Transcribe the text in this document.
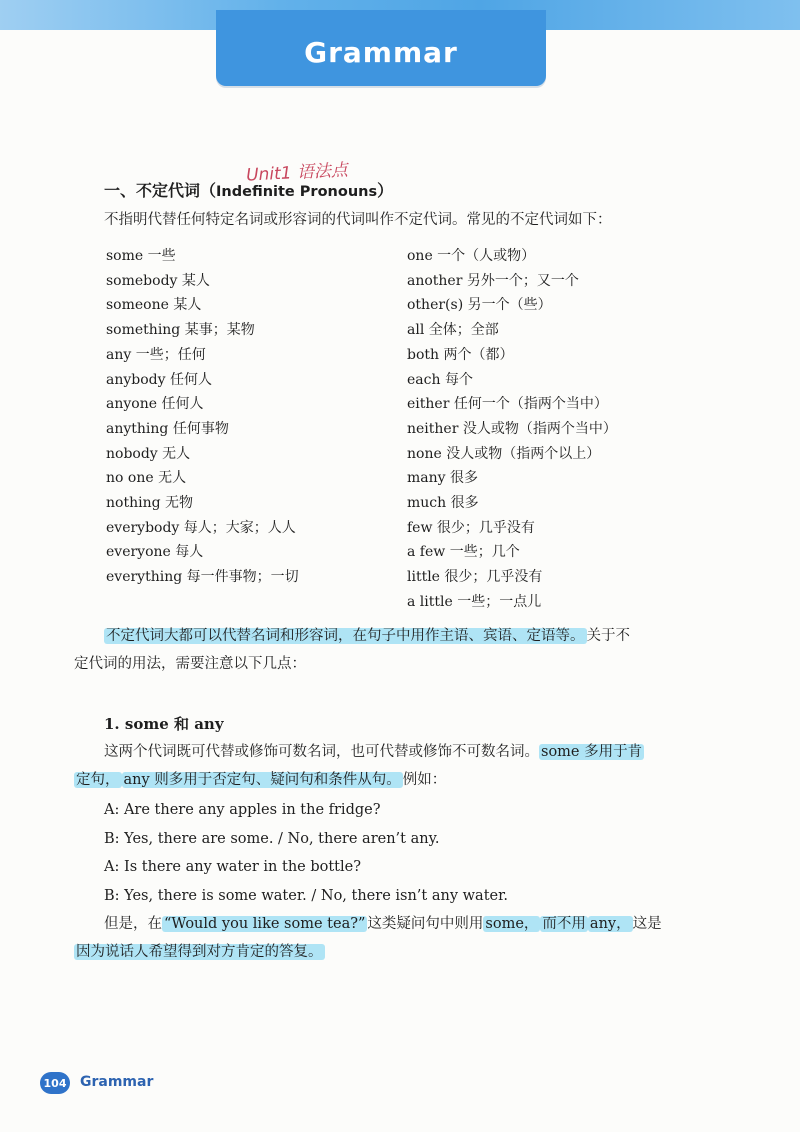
Grammar
Unit1 语法点
一、不定代词（Indefinite Pronouns）
不指明代替任何特定名词或形容词的代词叫作不定代词。常见的不定代词如下：
some 一些
somebody 某人
someone 某人
something 某事；某物
any 一些；任何
anybody 任何人
anyone 任何人
anything 任何事物
nobody 无人
no one 无人
nothing 无物
everybody 每人；大家；人人
everyone 每人
everything 每一件事物；一切
one 一个（人或物）
another 另外一个；又一个
other(s) 另一个（些）
all 全体；全部
both 两个（都）
each 每个
either 任何一个（指两个当中）
neither 没人或物（指两个当中）
none 没人或物（指两个以上）
many 很多
much 很多
few 很少；几乎没有
a few 一些；几个
little 很少；几乎没有
a little 一些；一点儿
不定代词大都可以代替名词和形容词，在句子中用作主语、宾语、定语等。 关于不
定代词的用法，需要注意以下几点：
1. some 和 any
这两个代词既可代替或修饰可数名词，也可代替或修饰不可数名词。 some 多用于肯
定句， any 则多用于否定句、疑问句和条件从句。 例如：
A: Are there any apples in the fridge?
B: Yes, there are some. / No, there aren’t any.
A: Is there any water in the bottle?
B: Yes, there is some water. / No, there isn’t any water.
但是，在 “Would you like some tea?” 这类疑问句中则用 some， 而不用 any， 这是
因为说话人希望得到对方肯定的答复。
104 Grammar
